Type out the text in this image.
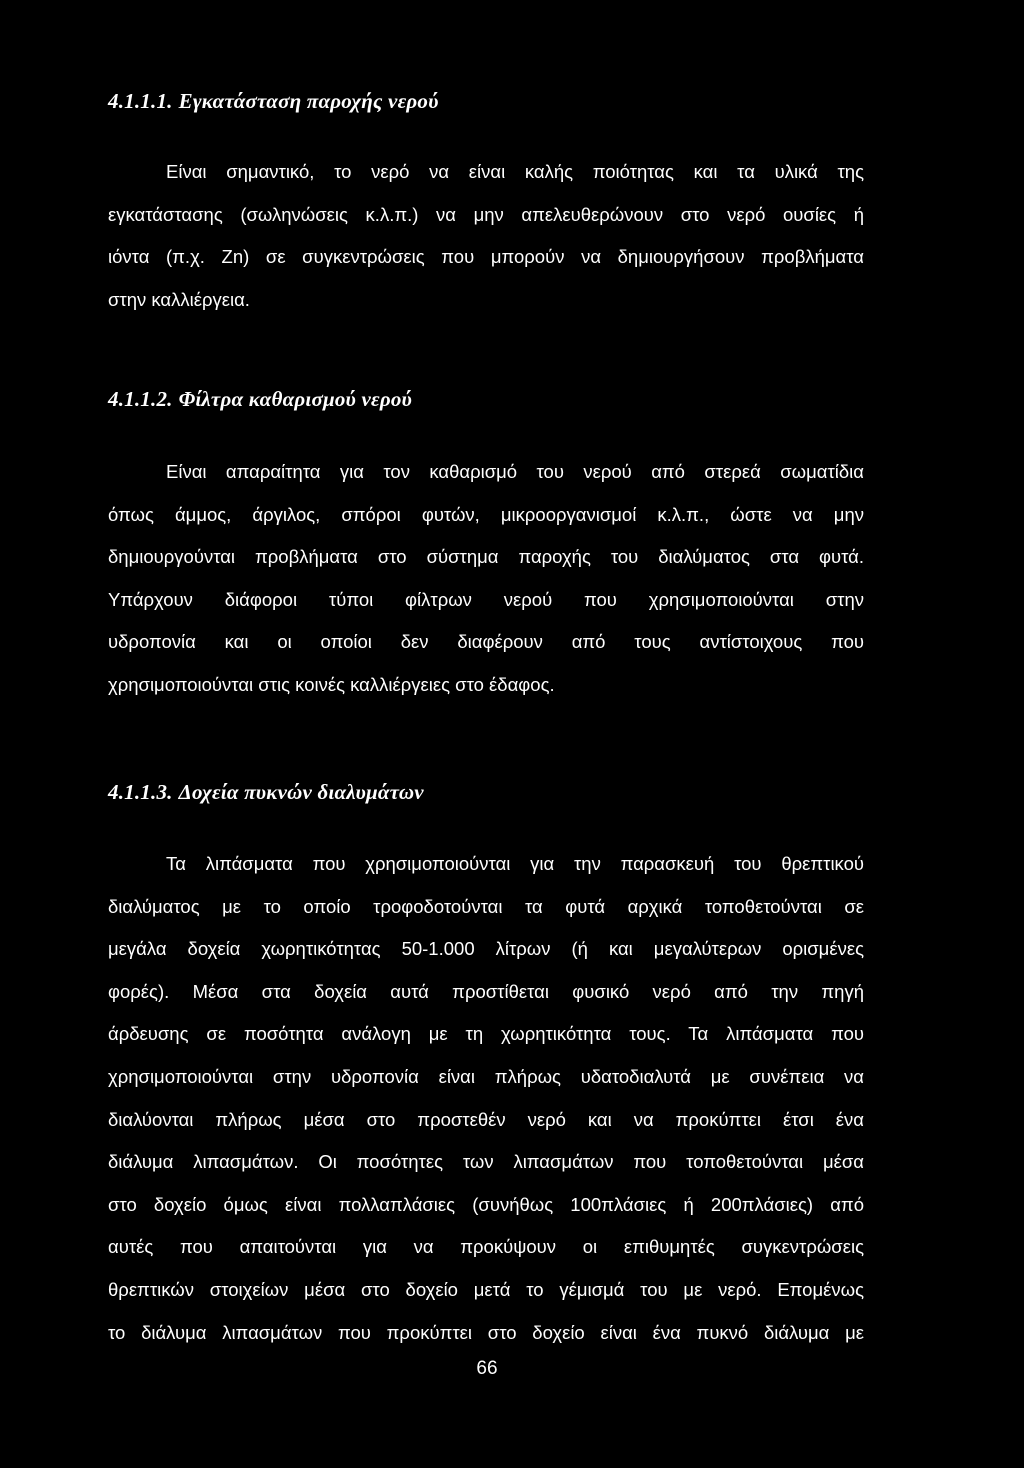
4.1.1.1. Εγκατάσταση παροχής νερού
Είναι σημαντικό, το νερό να είναι καλής ποιότητας και τα υλικά της
εγκατάστασης (σωληνώσεις κ.λ.π.) να μην απελευθερώνουν στο νερό ουσίες ή
ιόντα (π.χ. Zn) σε συγκεντρώσεις που μπορούν να δημιουργήσουν προβλήματα
στην καλλιέργεια.
4.1.1.2. Φίλτρα καθαρισμού νερού
Είναι απαραίτητα για τον καθαρισμό του νερού από στερεά σωματίδια
όπως άμμος, άργιλος, σπόροι φυτών, μικροοργανισμοί κ.λ.π., ώστε να μην
δημιουργούνται προβλήματα στο σύστημα παροχής του διαλύματος στα φυτά.
Υπάρχουν διάφοροι τύποι φίλτρων νερού που χρησιμοποιούνται στην
υδροπονία και οι οποίοι δεν διαφέρουν από τους αντίστοιχους που
χρησιμοποιούνται στις κοινές καλλιέργειες στο έδαφος.
4.1.1.3. Δοχεία πυκνών διαλυμάτων
Τα λιπάσματα που χρησιμοποιούνται για την παρασκευή του θρεπτικού
διαλύματος με το οποίο τροφοδοτούνται τα φυτά αρχικά τοποθετούνται σε
μεγάλα δοχεία χωρητικότητας 50-1.000 λίτρων (ή και μεγαλύτερων ορισμένες
φορές). Μέσα στα δοχεία αυτά προστίθεται φυσικό νερό από την πηγή
άρδευσης σε ποσότητα ανάλογη με τη χωρητικότητα τους. Τα λιπάσματα που
χρησιμοποιούνται στην υδροπονία είναι πλήρως υδατοδιαλυτά με συνέπεια να
διαλύονται πλήρως μέσα στο προστεθέν νερό και να προκύπτει έτσι ένα
διάλυμα λιπασμάτων. Οι ποσότητες των λιπασμάτων που τοποθετούνται μέσα
στο δοχείο όμως είναι πολλαπλάσιες (συνήθως 100πλάσιες ή 200πλάσιες) από
αυτές που απαιτούνται για να προκύψουν οι επιθυμητές συγκεντρώσεις
θρεπτικών στοιχείων μέσα στο δοχείο μετά το γέμισμά του με νερό. Επομένως
το διάλυμα λιπασμάτων που προκύπτει στο δοχείο είναι ένα πυκνό διάλυμα με
66
